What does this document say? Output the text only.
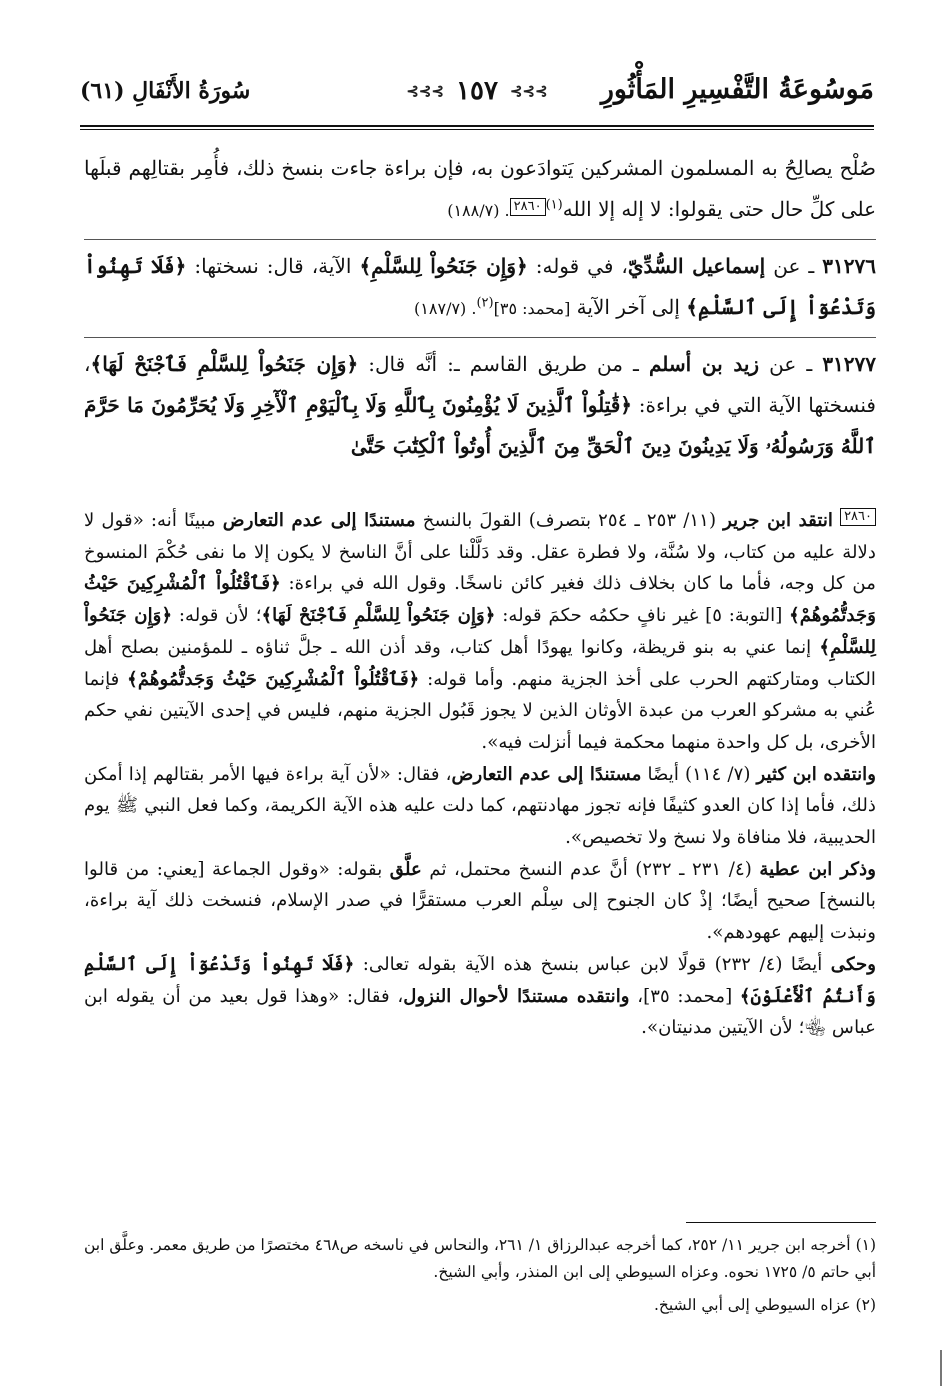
مَوسُوعَةُ التَّفْسِيرِ المَأْثُورِ
⊱⊱⊱
١٥٧
⊱⊱⊱
سُورَةُ الأَنْفَالِ (٦١)

صُلْح يصالِحُ به المسلمون المشركين يَتوادَعون به، فإن براءة جاءت بنسخ ذلك، فأُمِر بقتالِهم قبلَها على كلِّ حال حتى يقولوا: لا إله إلا الله$^{(١)}$٢٨٦٠. (١٨٨/٧)

٣١٢٧٦ ـ عن إسماعيل السُّدِّيّ، في قوله: ﴿وَإِن جَنَحُواْ لِلسَّلْمِ﴾ الآية، قال: نسختها: ﴿فَلَا تَهِنُواْ وَتَدْعُوٓاْ إِلَى ٱلسَّلْمِ﴾ إلى آخر الآية [محمد: ٣٥]$^{(٢)}$. (١٨٧/٧)

٣١٢٧٧ ـ عن زيد بن أسلم ـ من طريق القاسم ـ: أنَّه قال: ﴿وَإِن جَنَحُواْ لِلسَّلْمِ فَٱجْنَحْ لَهَا﴾، فنسختها الآية التي في براءة: ﴿قَٰتِلُواْ ٱلَّذِينَ لَا يُؤْمِنُونَ بِٱللَّهِ وَلَا بِٱلْيَوْمِ ٱلْأٓخِرِ وَلَا يُحَرِّمُونَ مَا حَرَّمَ ٱللَّهُ وَرَسُولُهُۥ وَلَا يَدِينُونَ دِينَ ٱلْحَقِّ مِنَ ٱلَّذِينَ أُوتُواْ ٱلْكِتَٰبَ حَتَّىٰ

٢٨٦٠ انتقد ابن جرير (١١/ ٢٥٣ ـ ٢٥٤ بتصرف) القولَ بالنسخ مستندًا إلى عدم التعارض مبينًا أنه: «قول لا دلالة عليه من كتاب، ولا سُنَّة، ولا فطرة عقل. وقد دَلَّلْنا على أنَّ الناسخ لا يكون إلا ما نفى حُكْمَ المنسوخ من كل وجه، فأما ما كان بخلاف ذلك فغير كائن ناسخًا. وقول الله في براءة: ﴿فَٱقْتُلُواْ ٱلْمُشْرِكِينَ حَيْثُ وَجَدتُّمُوهُمْ﴾ [التوبة: ٥] غير نافٍ حكمُه حكمَ قوله: ﴿وَإِن جَنَحُواْ لِلسَّلْمِ فَٱجْنَحْ لَهَا﴾؛ لأن قوله: ﴿وَإِن جَنَحُواْ لِلسَّلْمِ﴾ إنما عني به بنو قريظة، وكانوا يهودًا أهل كتاب، وقد أذن الله ـ جلَّ ثناؤه ـ للمؤمنين بصلح أهل الكتاب ومتاركتهم الحرب على أخذ الجزية منهم. وأما قوله: ﴿فَٱقْتُلُواْ ٱلْمُشْرِكِينَ حَيْثُ وَجَدتُّمُوهُمْ﴾ فإنما عُني به مشركو العرب من عبدة الأوثان الذين لا يجوز قَبُول الجزية منهم، فليس في إحدى الآيتين نفي حكم الأخرى، بل كل واحدة منهما محكمة فيما أنزلت فيه».

وانتقده ابن كثير (٧/ ١١٤) أيضًا مستندًا إلى عدم التعارض، فقال: «لأن آية براءة فيها الأمر بقتالهم إذا أمكن ذلك، فأما إذا كان العدو كثيفًا فإنه تجوز مهادنتهم، كما دلت عليه هذه الآية الكريمة، وكما فعل النبي ﷺ يوم الحديبية، فلا منافاة ولا نسخ ولا تخصيص».

وذكر ابن عطية (٤/ ٢٣١ ـ ٢٣٢) أنَّ عدم النسخ محتمل، ثم علَّق بقوله: «وقول الجماعة [يعني: من قالوا بالنسخ] صحيح أيضًا؛ إذْ كان الجنوح إلى سِلْم العرب مستقرًّا في صدر الإسلام، فنسخت ذلك آية براءة، ونبذت إليهم عهودهم».

وحكى أيضًا (٤/ ٢٣٢) قولًا لابن عباس بنسخ هذه الآية بقوله تعالى: ﴿فَلَا تَهِنُواْ وَتَدْعُوٓاْ إِلَى ٱلسَّلْمِ وَأَنتُمُ ٱلْأَعْلَوْنَ﴾ [محمد: ٣٥]، وانتقده مستندًا لأحوال النزول، فقال: «وهذا قول بعيد من أن يقوله ابن عباس ﵄؛ لأن الآيتين مدنيتان».

(١) أخرجه ابن جرير ١١/ ٢٥٢، كما أخرجه عبدالرزاق ١/ ٢٦١، والنحاس في ناسخه ص٤٦٨ مختصرًا من طريق معمر. وعلَّق ابن أبي حاتم ٥/ ١٧٢٥ نحوه. وعزاه السيوطي إلى ابن المنذر، وأبي الشيخ.

(٢) عزاه السيوطي إلى أبي الشيخ.
